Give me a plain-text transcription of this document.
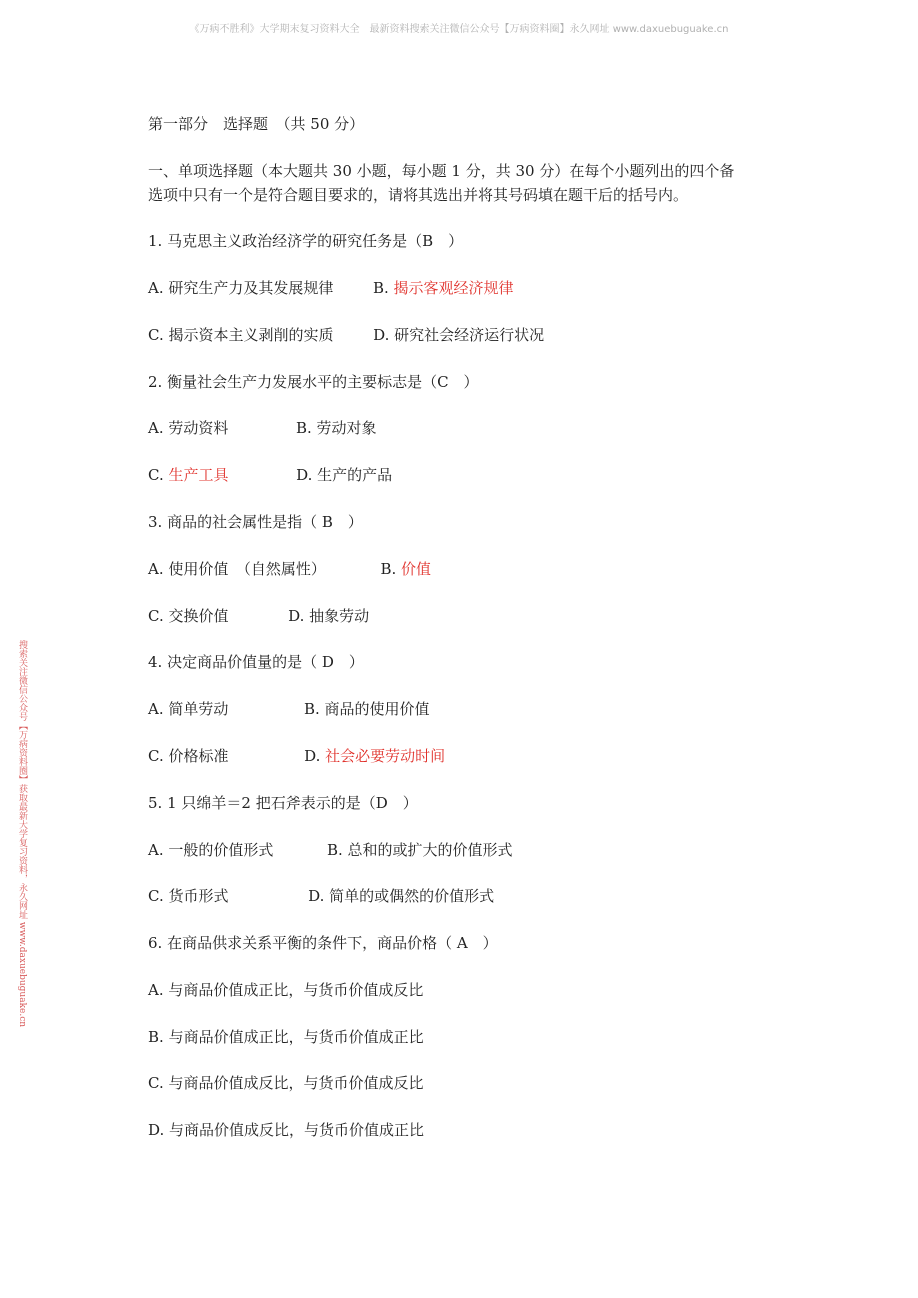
《万病不胜利》大学期末复习资料大全　最新资料搜索关注微信公众号【万病资料圈】永久网址 www.daxuebuguake.cn
搜索关注微信公众号【万病资料圈】获取最新大学复习资料，永久网址 www.daxuebuguake.cn
第一部分　选择题　（共 50 分）
一、单项选择题（本大题共 30 小题，每小题 1 分，共 30 分）在每个小题列出的四个备
选项中只有一个是符合题目要求的，请将其选出并将其号码填在题干后的括号内。
1. 马克思主义政治经济学的研究任务是（B　）
A. 研究生产力及其发展规律	B. 揭示客观经济规律
C. 揭示资本主义剥削的实质	D. 研究社会经济运行状况
2. 衡量社会生产力发展水平的主要标志是（C　）
A. 劳动资料	B. 劳动对象
C. 生产工具	D. 生产的产品
3. 商品的社会属性是指（ B　）
A. 使用价值　（自然属性）	B. 价值
C. 交换价值	D. 抽象劳动
4. 决定商品价值量的是（ D　）
A. 简单劳动	B. 商品的使用价值
C. 价格标准	D. 社会必要劳动时间
5. 1 只绵羊＝2 把石斧表示的是（D　）
A. 一般的价值形式	B. 总和的或扩大的价值形式
C. 货币形式	D. 简单的或偶然的价值形式
6. 在商品供求关系平衡的条件下，商品价格（ A　）
A. 与商品价值成正比，与货币价值成反比
B. 与商品价值成正比，与货币价值成正比
C. 与商品价值成反比，与货币价值成反比
D. 与商品价值成反比，与货币价值成正比
